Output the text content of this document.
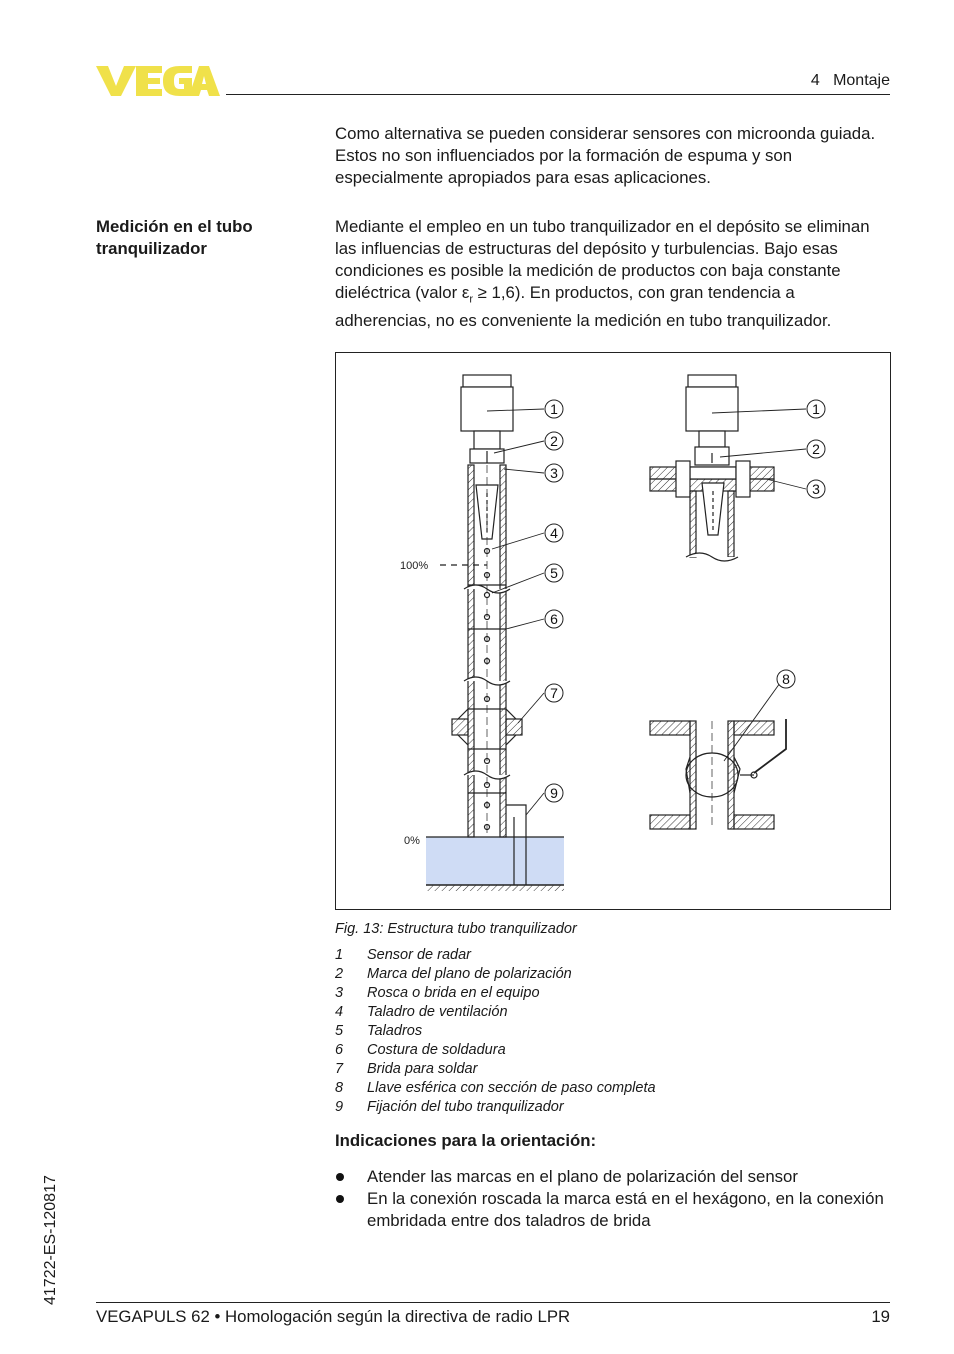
4   Montaje

Como alternativa se pueden considerar sensores con microonda guiada. Estos no son influenciados por la formación de espuma y son especialmente apropiados para esas aplicaciones.

Medición en el tubo tranquilizador

Mediante el empleo en un tubo tranquilizador en el depósito se eliminan las influencias de estructuras del depósito y turbulencias. Bajo esas condiciones es posible la medición de productos con baja constante dieléctrica (valor $\varepsilon_r \ge 1,6$). En productos, con gran tendencia a adherencias, no es conveniente la medición en tubo tranquilizador.

100%
0%
1
2
3
4
5
6
7
9
1
2
3
8
Fig. 13: Estructura tubo tranquilizador
1	Sensor de radar
2	Marca del plano de polarización
3	Rosca o brida en el equipo
4	Taladro de ventilación
5	Taladros
6	Costura de soldadura
7	Brida para soldar
8	Llave esférica con sección de paso completa
9	Fijación del tubo tranquilizador
Indicaciones para la orientación:
Atender las marcas en el plano de polarización del sensor
En la conexión roscada la marca está en el hexágono, en la conexión embridada entre dos taladros de brida
41722-ES-120817
VEGAPULS 62 • Homologación según la directiva de radio LPR	19
